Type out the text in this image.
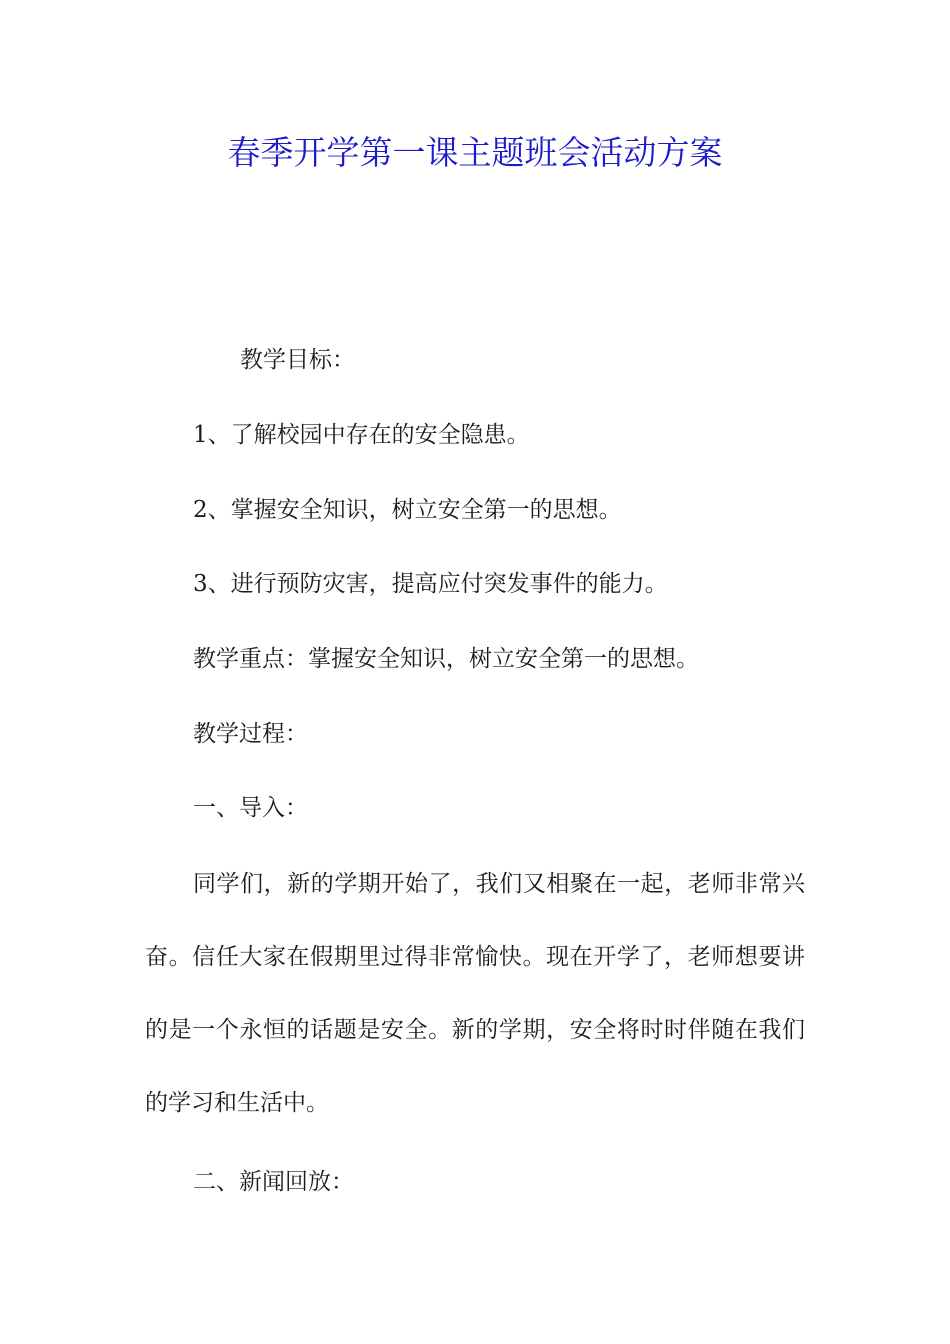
春季开学第一课主题班会活动方案
教学目标：
1、了解校园中存在的安全隐患。
2、掌握安全知识，树立安全第一的思想。
3、进行预防灾害，提高应付突发事件的能力。
教学重点：掌握安全知识，树立安全第一的思想。
教学过程：
一、导入：

同学们，新的学期开始了，我们又相聚在一起，老师非常兴奋。信任大家在假期里过得非常愉快。现在开学了，老师想要讲的是一个永恒的话题是安全。新的学期，安全将时时伴随在我们的学习和生活中。

二、新闻回放：
